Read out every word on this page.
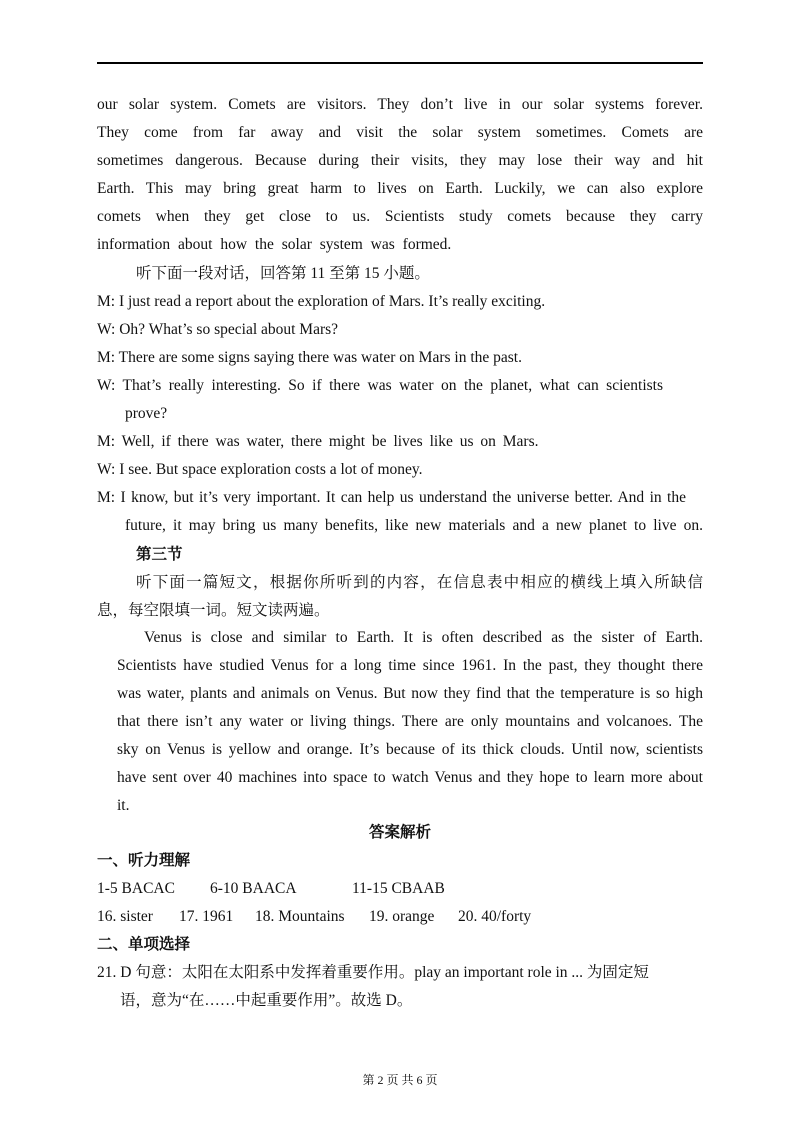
our solar system. Comets are visitors. They don’t live in our solar systems forever.
They come from far away and visit the solar system sometimes. Comets are
sometimes dangerous. Because during their visits, they may lose their way and hit
Earth. This may bring great harm to lives on Earth. Luckily, we can also explore
comets when they get close to us. Scientists study comets because they carry
information about how the solar system was formed.
听下面一段对话，回答第 11 至第 15 小题。
M: I just read a report about the exploration of Mars. It’s really exciting.
W: Oh? What’s so special about Mars?
M: There are some signs saying there was water on Mars in the past.
W: That’s really interesting. So if there was water on the planet, what can scientists
prove?
M: Well, if there was water, there might be lives like us on Mars.
W: I see. But space exploration costs a lot of money.
M: I know, but it’s very important. It can help us understand the universe better. And in the
future, it may bring us many benefits, like new materials and a new planet to live on.
第三节
听下面一篇短文，根据你所听到的内容，在信息表中相应的横线上填入所缺信
息，每空限填一词。短文读两遍。
Venus is close and similar to Earth. It is often described as the sister of Earth.
Scientists have studied Venus for a long time since 1961. In the past, they thought there
was water, plants and animals on Venus. But now they find that the temperature is so high
that there isn’t any water or living things. There are only mountains and volcanoes. The
sky on Venus is yellow and orange. It’s because of its thick clouds. Until now, scientists
have sent over 40 machines into space to watch Venus and they hope to learn more about
it.
答案解析
一、听力理解
1-5 BACAC	6-10 BAACA	11-15 CBAAB
16. sister	17. 1961	18. Mountains	19. orange	20. 40/forty
二、单项选择
21. D 句意：太阳在太阳系中发挥着重要作用。play an important role in ... 为固定短
语，意为“在……中起重要作用”。故选 D。
第 2 页 共 6 页
